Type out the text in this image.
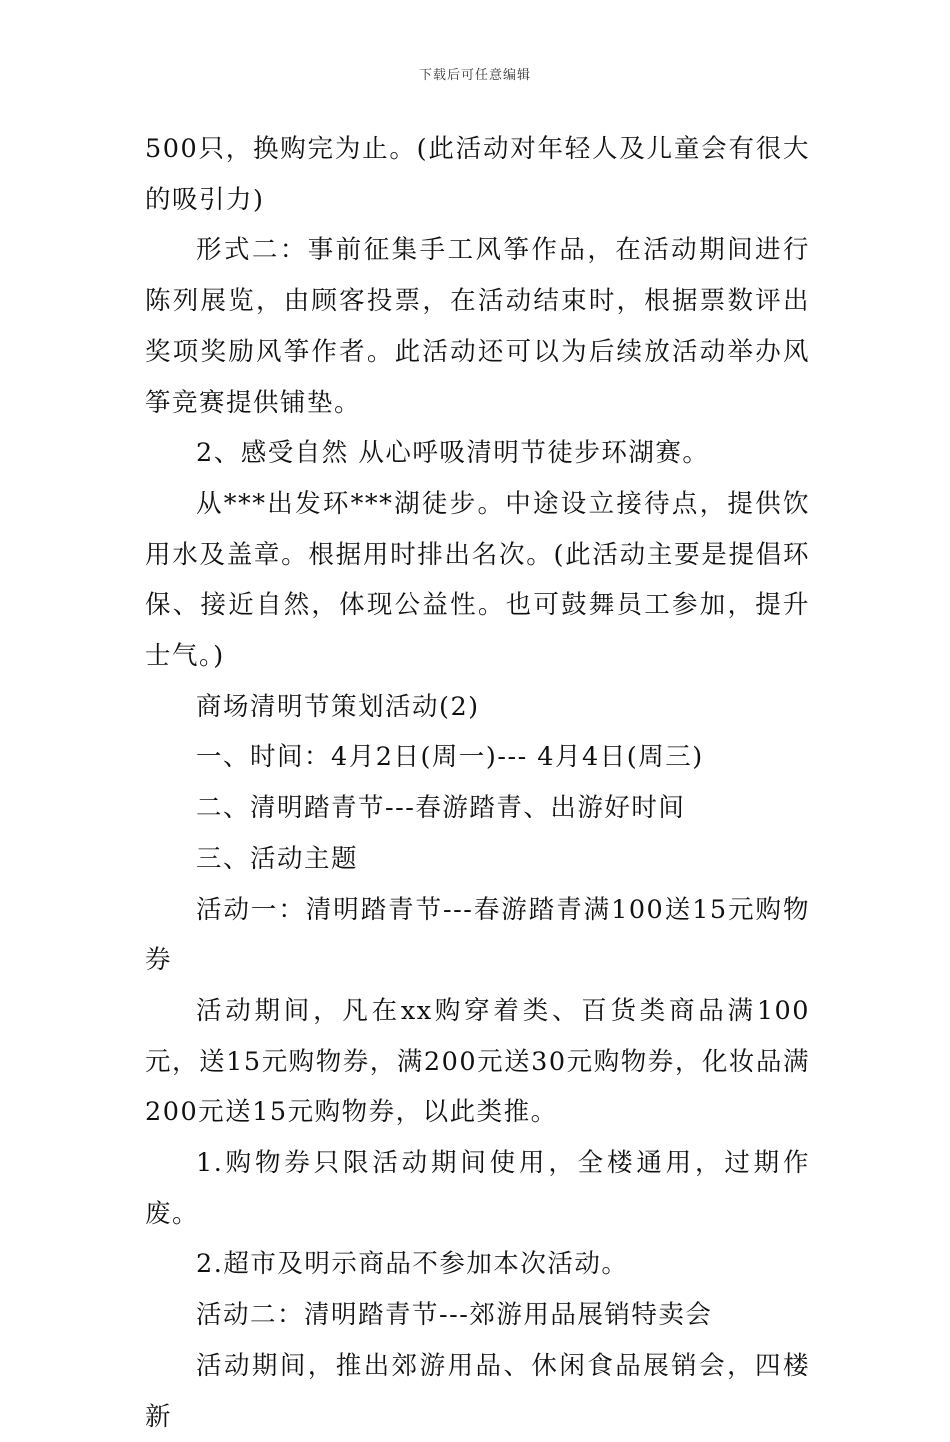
下载后可任意编辑

500只，换购完为止。(此活动对年轻人及儿童会有很大的吸引力)

形式二：事前征集手工风筝作品，在活动期间进行陈列展览，由顾客投票，在活动结束时，根据票数评出奖项奖励风筝作者。此活动还可以为后续放活动举办风筝竞赛提供铺垫。

2、感受自然 从心呼吸清明节徒步环湖赛。

从***出发环***湖徒步。中途设立接待点，提供饮用水及盖章。根据用时排出名次。(此活动主要是提倡环保、接近自然，体现公益性。也可鼓舞员工参加，提升士气。)

商场清明节策划活动(2)

一、时间：4月2日(周一)--- 4月4日(周三)

二、清明踏青节---春游踏青、出游好时间

三、活动主题

活动一：清明踏青节---春游踏青满100送15元购物券

活动期间，凡在xx购穿着类、百货类商品满100元，送15元购物券，满200元送30元购物券，化妆品满200元送15元购物券，以此类推。

1.购物券只限活动期间使用，全楼通用，过期作废。

2.超市及明示商品不参加本次活动。

活动二：清明踏青节---郊游用品展销特卖会

活动期间，推出郊游用品、休闲食品展销会，四楼新
